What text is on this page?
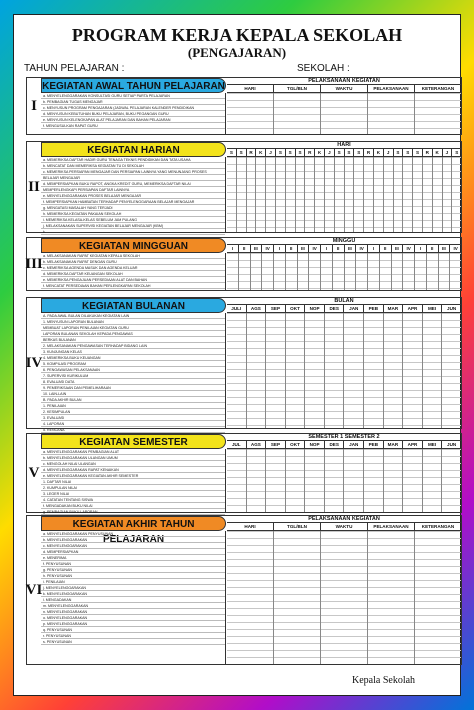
PROGRAM KERJA KEPALA SEKOLAH
(PENGAJARAN)
TAHUN PELAJARAN :	SEKOLAH :
I
KEGIATAN AWAL TAHUN PELAJARAN
a. MENYELENGGARAKAN KONSULTASI GURU SETIAP PARTA PELAJARAN
b. PEMBAGIAN TUGAS MENGAJAR
c. MENYUSUN PROGRAM PENGAJARAN (JADWAL PELAJARAN KALENDER PENDIDIKAN
d. MENYUSUN KEBUTUHAN BUKU PELAJARAN, BUKU PEGANGAN GURU
e. MENYUSUN KELENGKAPAN ALAT PELAJARAN DAN BAHAN PELAJARAN
f. MENGUSULKAN RAPAT GURU
PELAKSANAAN KEGIATAN
HARI	TGL/BLN	WAKTU	PELAKSANAAN	KETERANGAN
II
KEGIATAN HARIAN
a. MEMERIKSA DAFTAR HADIR GURU TENAGA TEKNIS PENDIDIKAN DAN TATA USAHA
b. MENCATAT DAN MEMERIKSA KEGIATAN TU DI SEKOLAH
c. MEMERIKSA PERSIAPAN MENGAJAR DAN PERSIAPAN LAINNYA YANG MENUNJANG PROSES
BELAJAR MENGAJAR
d. MEMPERSIAPKAN BUKU RAPOT, ANGKA KREDIT GURU, MEMERIKSA DAFTAR NILAI
MEMPERLENGKAPI PERSIAPAN DAFTAR LAINNYA
e. MENYELENGGARAKAN PROSES BELAJAR MENGAJAR
f. MEMPERSIAPKAN HAMBATAN TERHADAP PENYELENGGARAAN BELAJAR MENGAJAR
g. MENGATASI MASALAH YANG TERJADI
h. MEMERIKSA KEGIATAN PAKAIAN SEKOLAH
i. MEMERIKSA KELASA-KELAS SEBELUM JAM PULANG
j. MELAKSANAKAN SUPERVISI KEGIATAN BELAJAR MENGAJAR (KBM)
k.
HARI
S	S	R	K	J	S	S	S	R	K	J	S	S	S	R	K	J	S	S	S	R	K	J	S
III
KEGIATAN MINGGUAN
a. MELAKSANAKAN RAPAT KEGIATAN KEPALA SEKOLAH
b. MELAKSANAKAN RAPAT DENGAN GURU
c. MEMERIKSA AGENDA MASUK DAN AGENDA KELUAR
d. MEMERIKSA DAFTAR KEUANGAN SEKOLAH
e. MEMERIKSA PENGAJUAN PERSEDIAAN ALAT DAN BAHAN
f. MENCATAT PERSEDIAAN BAHAN PERLENGKAPAN SEKOLAH
MINGGU
I	II	III	IV	I	II	III	IV	I	II	III	IV	I	II	III	IV	I	II	III	IV
IV
KEGIATAN BULANAN
A. PADA AWAL BULAN DILAKUKAN KEGIATAN LAIN
1. MENYUSUN LAPORAN BULANAN
MEMBUAT LAPORAN PENILAIAN KEGIATAN GURU
LAPORAN BULANAN SEKOLAH KEPADA PENGAWAS
BERKAS BULANAN
2. MELAKSANAKAN PENGAWASAN TERHADAP BIDANG LAIN
3. KUNJUNGAN KELAS
4. MEMERIKSA BUKU KEUANGAN
5. KOMPILASI PROGRAM
6. PENGAWASAN PELAKSANAAN
7. SUPERVISI KURIKULUM
8. EVALUASI DATA
9. PEMERIKSAAN DAN PEMELIHARAAN
10. LAIN-LAIN
B. PADA AKHIR BULAN
1. PENILAIAN
2. KESIMPULAN
3. EVALUASI
4. LAPORAN
5. RENCANA
BULAN
JULI	AGS	SEP	OKT	NOP	DES	JAN	PEB	MAR	APR	MEI	JUN
V
KEGIATAN SEMESTER
a. MENYELENGGARAKAN PEMBAGIAN ALAT
b. MENYELENGGARAKAN ULANGAN UMUM
c. MENGOLAH NILAI ULANGAN
d. MENYELENGGARAKAN RAPAT KENAIKAN
e. MENYELENGGARAKAN KEGIATAN AKHIR SEMESTER
1. DAFTAR NILAI
2. KUMPULAN NILAI
3. LEGER NILAI
4. CATATAN TENTANG SISWA
f. MENGADAKAN BUKU NILAI
g. PEMBAGIAN BUKU LAPORAN
SEMESTER 1 SEMESTER 2
JUL	AGS	SEP	OKT	NOP	DES	JAN	PEB	MAR	APR	MEI	JUN
VI
KEGIATAN AKHIR TAHUN PELAJARAN
a. MENYELENGGARAKAN PENYUSUNAN
b. MENYELENGGARAKAN
c. MENYELENGGARAKAN
d. MEMPERSIAPKAN
e. MENERIMA
f. PENYUSUNAN
g. PENYUSUNAN
h. PENYUSUNAN
i. PENILAIAN
j. MENYELENGGARAKAN
k. MENYELENGGARAKAN
l. MENGADAKAN
m. MENYELENGGARAKAN
n. MENYELENGGARAKAN
o. MENYELENGGARAKAN
p. MENYELENGGARAKAN
q. PENYUSUNAN
r. PENYUSUNAN
s. PENYUSUNAN
PELAKSANAAN KEGIATAN
HARI	TGL/BLN	WAKTU	PELAKSANAAN	KETERANGAN
Kepala Sekolah
